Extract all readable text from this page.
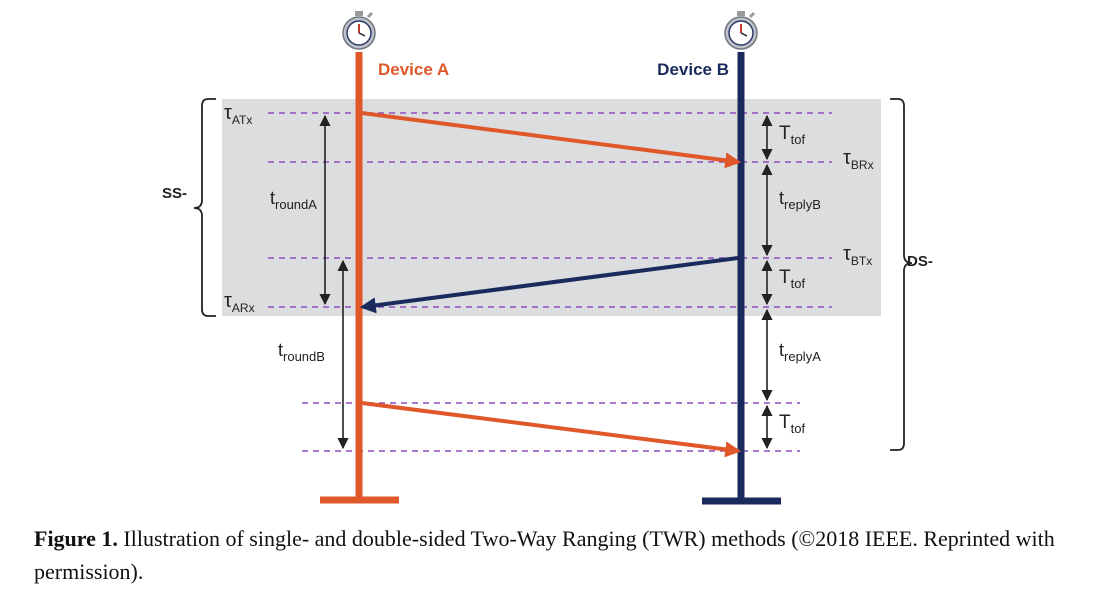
Device A	Device B
SS-
DS-
$\tau_{ATx}$
$\tau_{ARx}$
$\tau_{BRx}$
$\tau_{BTx}$
$t_{roundA}$
$t_{roundB}$
$t_{replyB}$
$t_{replyA}$
$T_{tof}$
$T_{tof}$
$T_{tof}$
Figure 1. Illustration of single- and double-sided Two-Way Ranging (TWR) methods (©2018 IEEE. Reprinted with permission).
